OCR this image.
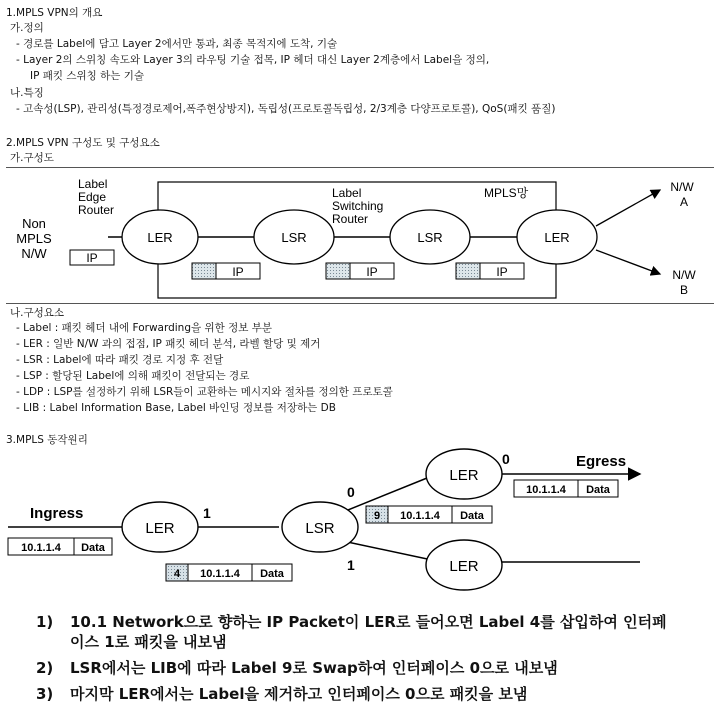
1.MPLS VPN의 개요
가.정의
- 경로를 Label에 담고 Layer 2에서만 통과, 최종 목적지에 도착, 기술
- Layer 2의 스위칭 속도와 Layer 3의 라우팅 기술 접목, IP 헤더 대신 Layer 2계층에서 Label을 정의,
IP 패킷 스위칭 하는 기술
나.특징
- 고속성(LSP), 관리성(특정경로제어,폭주현상방지), 독립성(프로토콜독립성, 2/3계층 다양프로토콜), QoS(패킷 품질)
2.MPLS VPN 구성도 및 구성요소
가.구성도
LER	LSR	LSR	LER
Non
MPLS
N/W
Label
Edge
Router
Label
Switching
Router
MPLS망	N/W
A
N/W
B
IP
IP	IP	IP
나.구성요소
- Label : 패킷 헤더 내에 Forwarding을 위한 정보 부분
- LER : 일반 N/W 과의 접점, IP 패킷 헤더 분석, 라벨 할당 및 제거
- LSR : Label에 따라 패킷 경로 지정 후 전달
- LSP : 할당된 Label에 의해 패킷이 전달되는 경로
- LDP : LSP를 설정하기 위해 LSR들이 교환하는 메시지와 절차를 정의한 프로토콜
- LIB : Label Information Base, Label 바인딩 정보를 저장하는 DB
3.MPLS 동작원리
LER	LSR
LER
LER
Ingress
Egress
1
0
1
0
10.1.1.4 Data
4 10.1.1.4 Data
9 10.1.1.4 Data
10.1.1.4 Data
1) 10.1 Network으로 향하는 IP Packet이 LER로 들어오면 Label 4를 삽입하여 인터페
이스 1로 패킷을 내보냄
2) LSR에서는 LIB에 따라 Label 9로 Swap하여 인터페이스 0으로 내보냄
3) 마지막 LER에서는 Label을 제거하고 인터페이스 0으로 패킷을 보냄
